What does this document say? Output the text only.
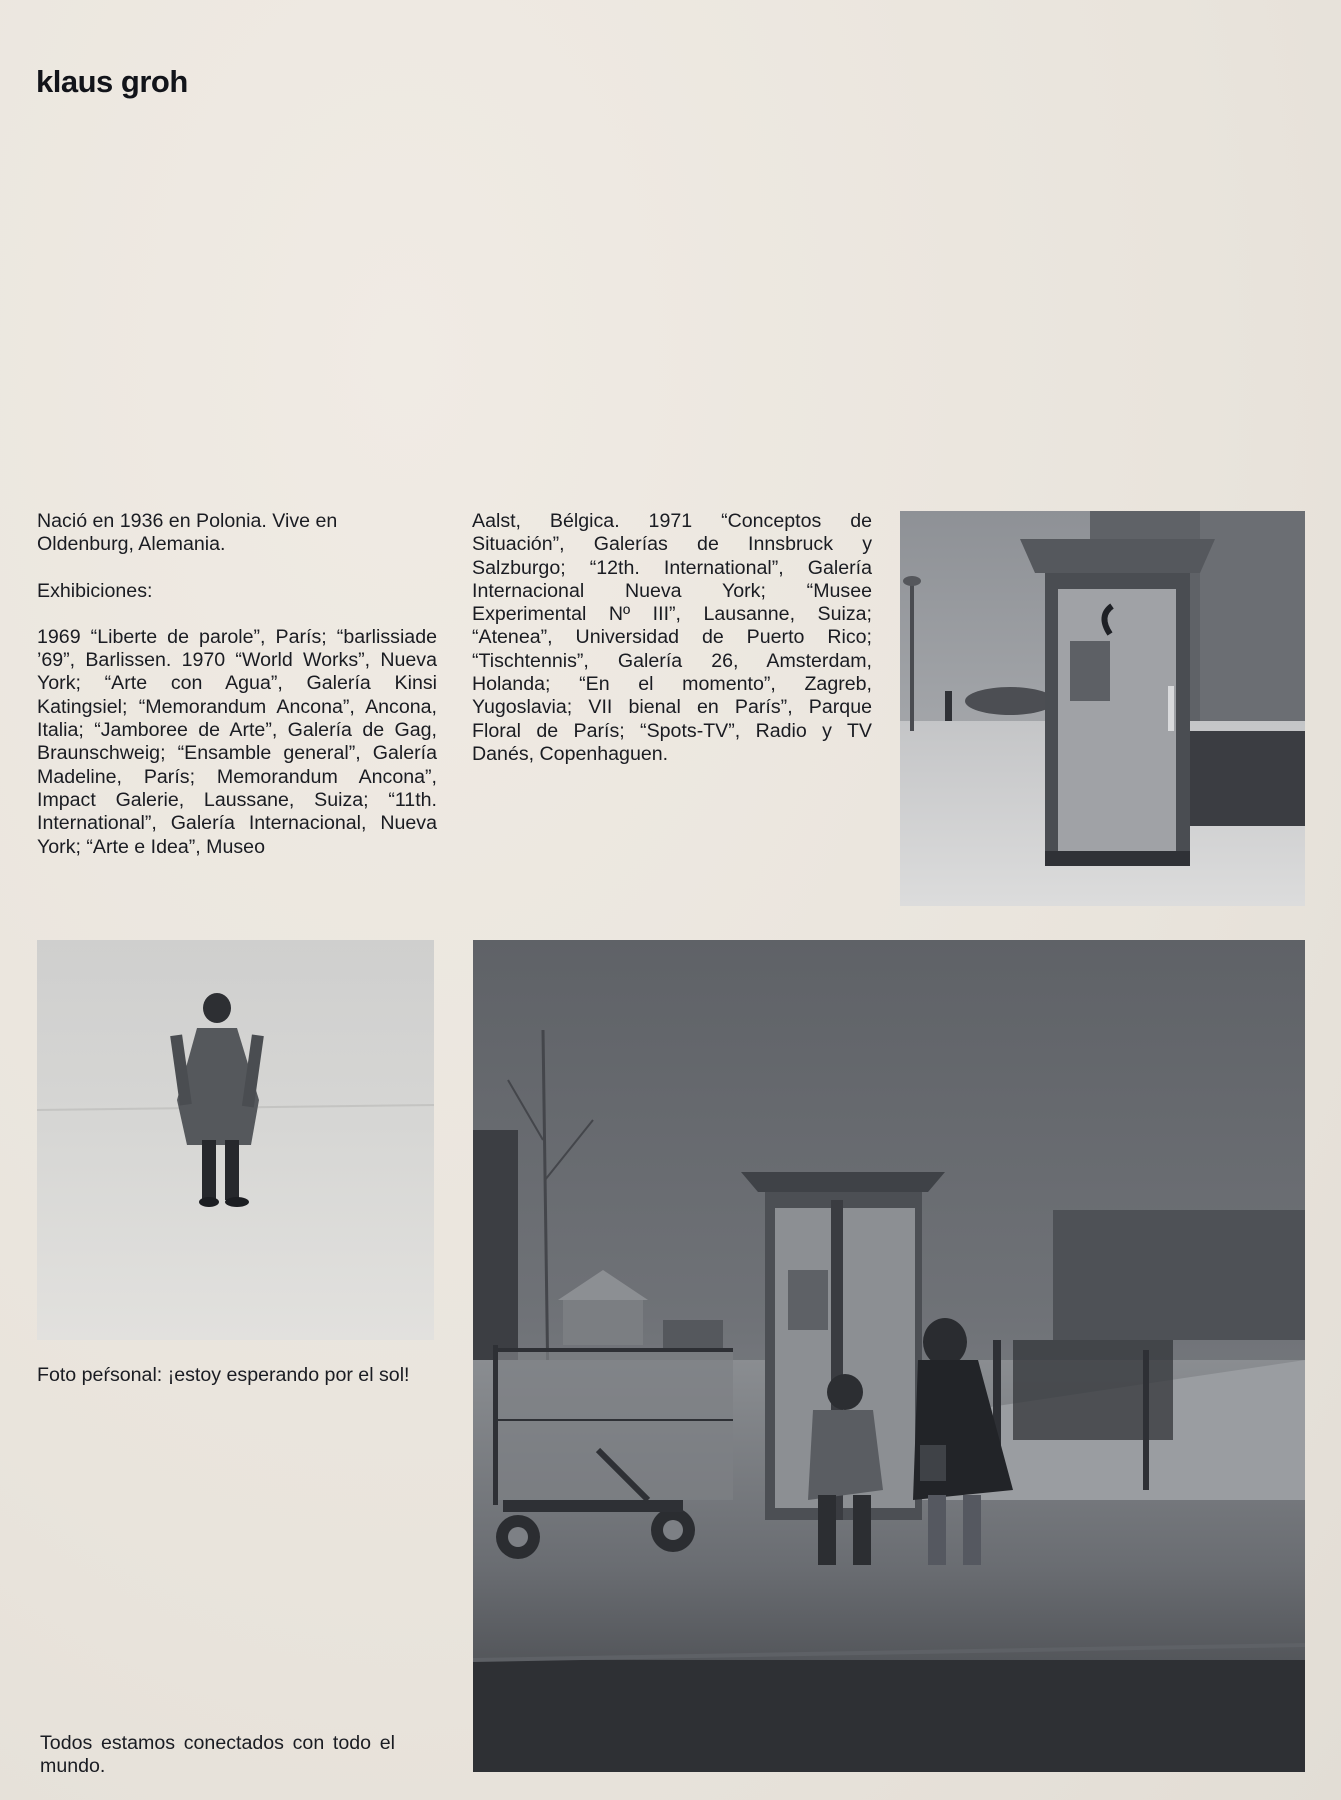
klaus groh

Nació en 1936 en Polonia. Vive en Oldenburg, Alemania.

Exhibiciones:

1969 “Liberte de parole”, París; “barlissiade ’69”, Barlissen. 1970 “World Works”, Nueva York; “Arte con Agua”, Galería Kinsi Katingsiel; “Memorandum Ancona”, Ancona, Italia; “Jamboree de Arte”, Galería de Gag, Braunschweig; “Ensamble general”, Galería Madeline, París; Memorandum Ancona”, Impact Galerie, Laussane, Suiza; “11th. International”, Galería Internacional, Nueva York; “Arte e Idea”, Museo

Aalst, Bélgica. 1971 “Conceptos de Situación”, Galerías de Innsbruck y Salzburgo; “12th. International”, Galería Internacional Nueva York; “Musee Experimental Nº III”, Lausanne, Suiza; “Atenea”, Universidad de Puerto Rico; “Tischtennis”, Galería 26, Amsterdam, Holanda; “En el momento”, Zagreb, Yugoslavia; VII bienal en París”, Parque Floral de París; “Spots-TV”, Radio y TV Danés, Copenhaguen.

Foto peŕsonal: ¡estoy esperando por el sol!

Todos estamos conectados con todo el mundo.
